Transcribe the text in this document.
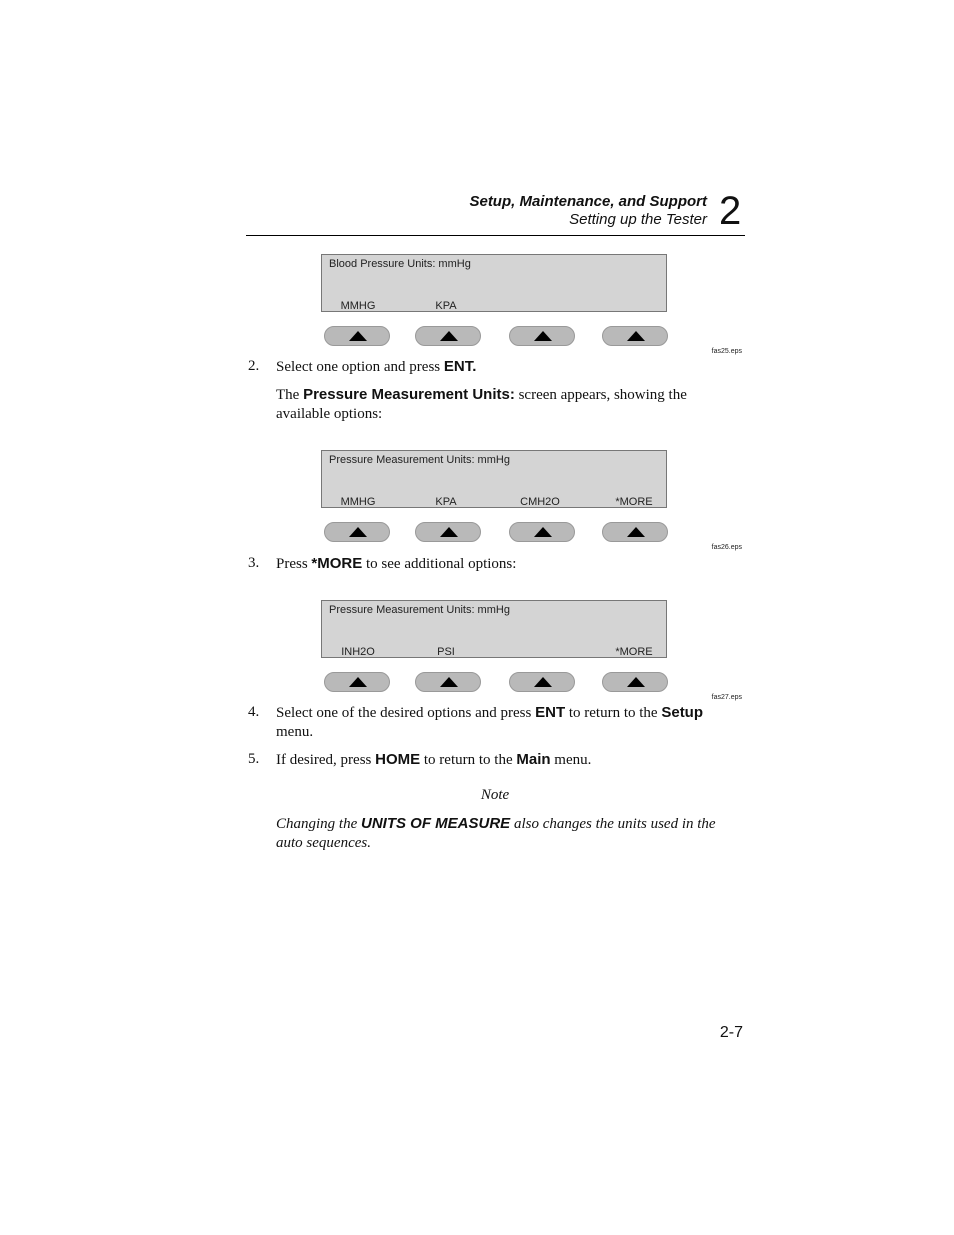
Setup, Maintenance, and Support
Setting up the Tester 2
Blood Pressure Units: mmHg
MMHG	KPA
fas25.eps
2. Select one option and press ENT.
The Pressure Measurement Units: screen appears, showing the available options:
Pressure Measurement Units: mmHg
MMHG	KPA	CMH2O	*MORE
fas26.eps
3. Press *MORE to see additional options:
Pressure Measurement Units: mmHg
INH2O	PSI	*MORE
fas27.eps
4. Select one of the desired options and press ENT to return to the Setup menu.
5. If desired, press HOME to return to the Main menu.
Note
Changing the UNITS OF MEASURE also changes the units used in the auto sequences.
2-7
